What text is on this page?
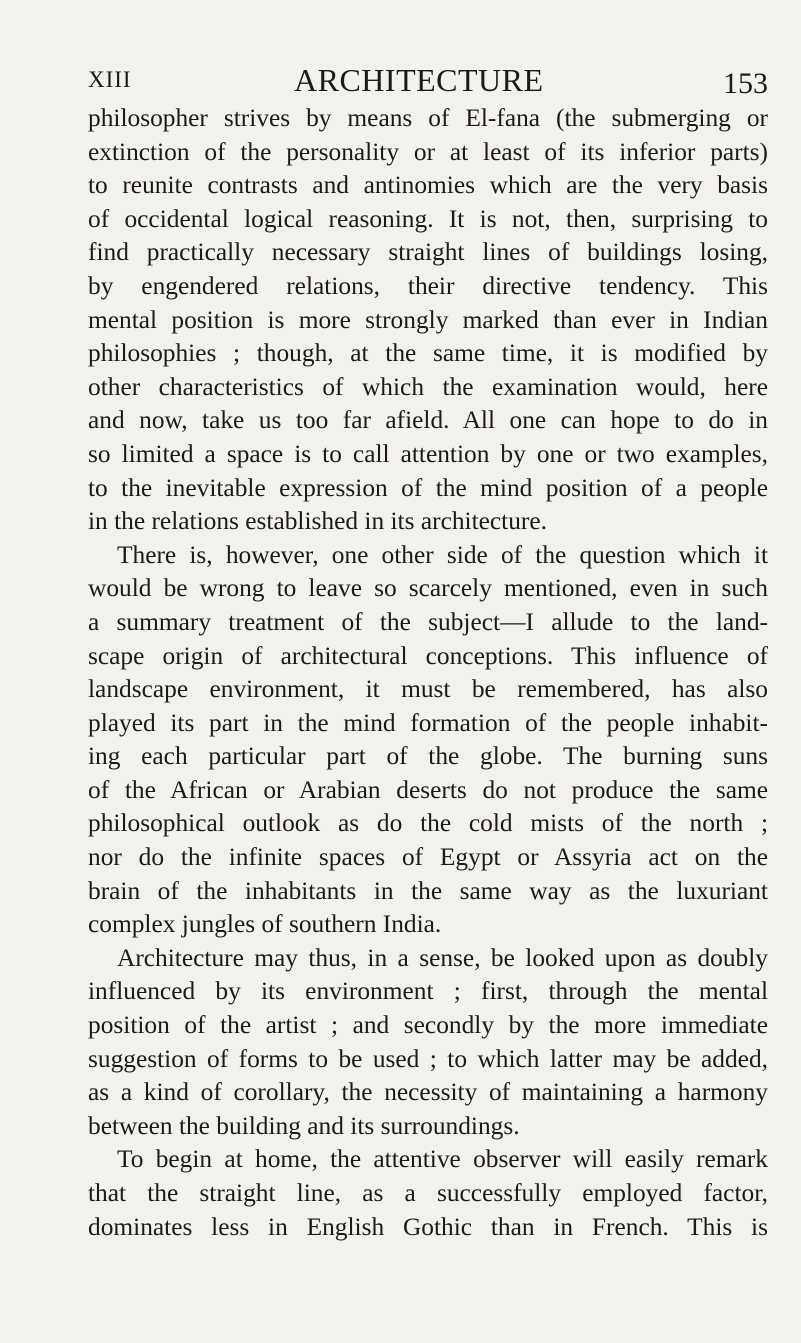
XIII	ARCHITECTURE	153
philosopher strives by means of El-fana (the submerging or
extinction of the personality or at least of its inferior parts)
to reunite contrasts and antinomies which are the very basis
of occidental logical reasoning. It is not, then, surprising to
find practically necessary straight lines of buildings losing,
by engendered relations, their directive tendency. This
mental position is more strongly marked than ever in Indian
philosophies ; though, at the same time, it is modified by
other characteristics of which the examination would, here
and now, take us too far afield. All one can hope to do in
so limited a space is to call attention by one or two examples,
to the inevitable expression of the mind position of a people
in the relations established in its architecture.
There is, however, one other side of the question which it
would be wrong to leave so scarcely mentioned, even in such
a summary treatment of the subject—I allude to the land-
scape origin of architectural conceptions. This influence of
landscape environment, it must be remembered, has also
played its part in the mind formation of the people inhabit-
ing each particular part of the globe. The burning suns
of the African or Arabian deserts do not produce the same
philosophical outlook as do the cold mists of the north ;
nor do the infinite spaces of Egypt or Assyria act on the
brain of the inhabitants in the same way as the luxuriant
complex jungles of southern India.
Architecture may thus, in a sense, be looked upon as doubly
influenced by its environment ; first, through the mental
position of the artist ; and secondly by the more immediate
suggestion of forms to be used ; to which latter may be added,
as a kind of corollary, the necessity of maintaining a harmony
between the building and its surroundings.
To begin at home, the attentive observer will easily remark
that the straight line, as a successfully employed factor,
dominates less in English Gothic than in French. This is
